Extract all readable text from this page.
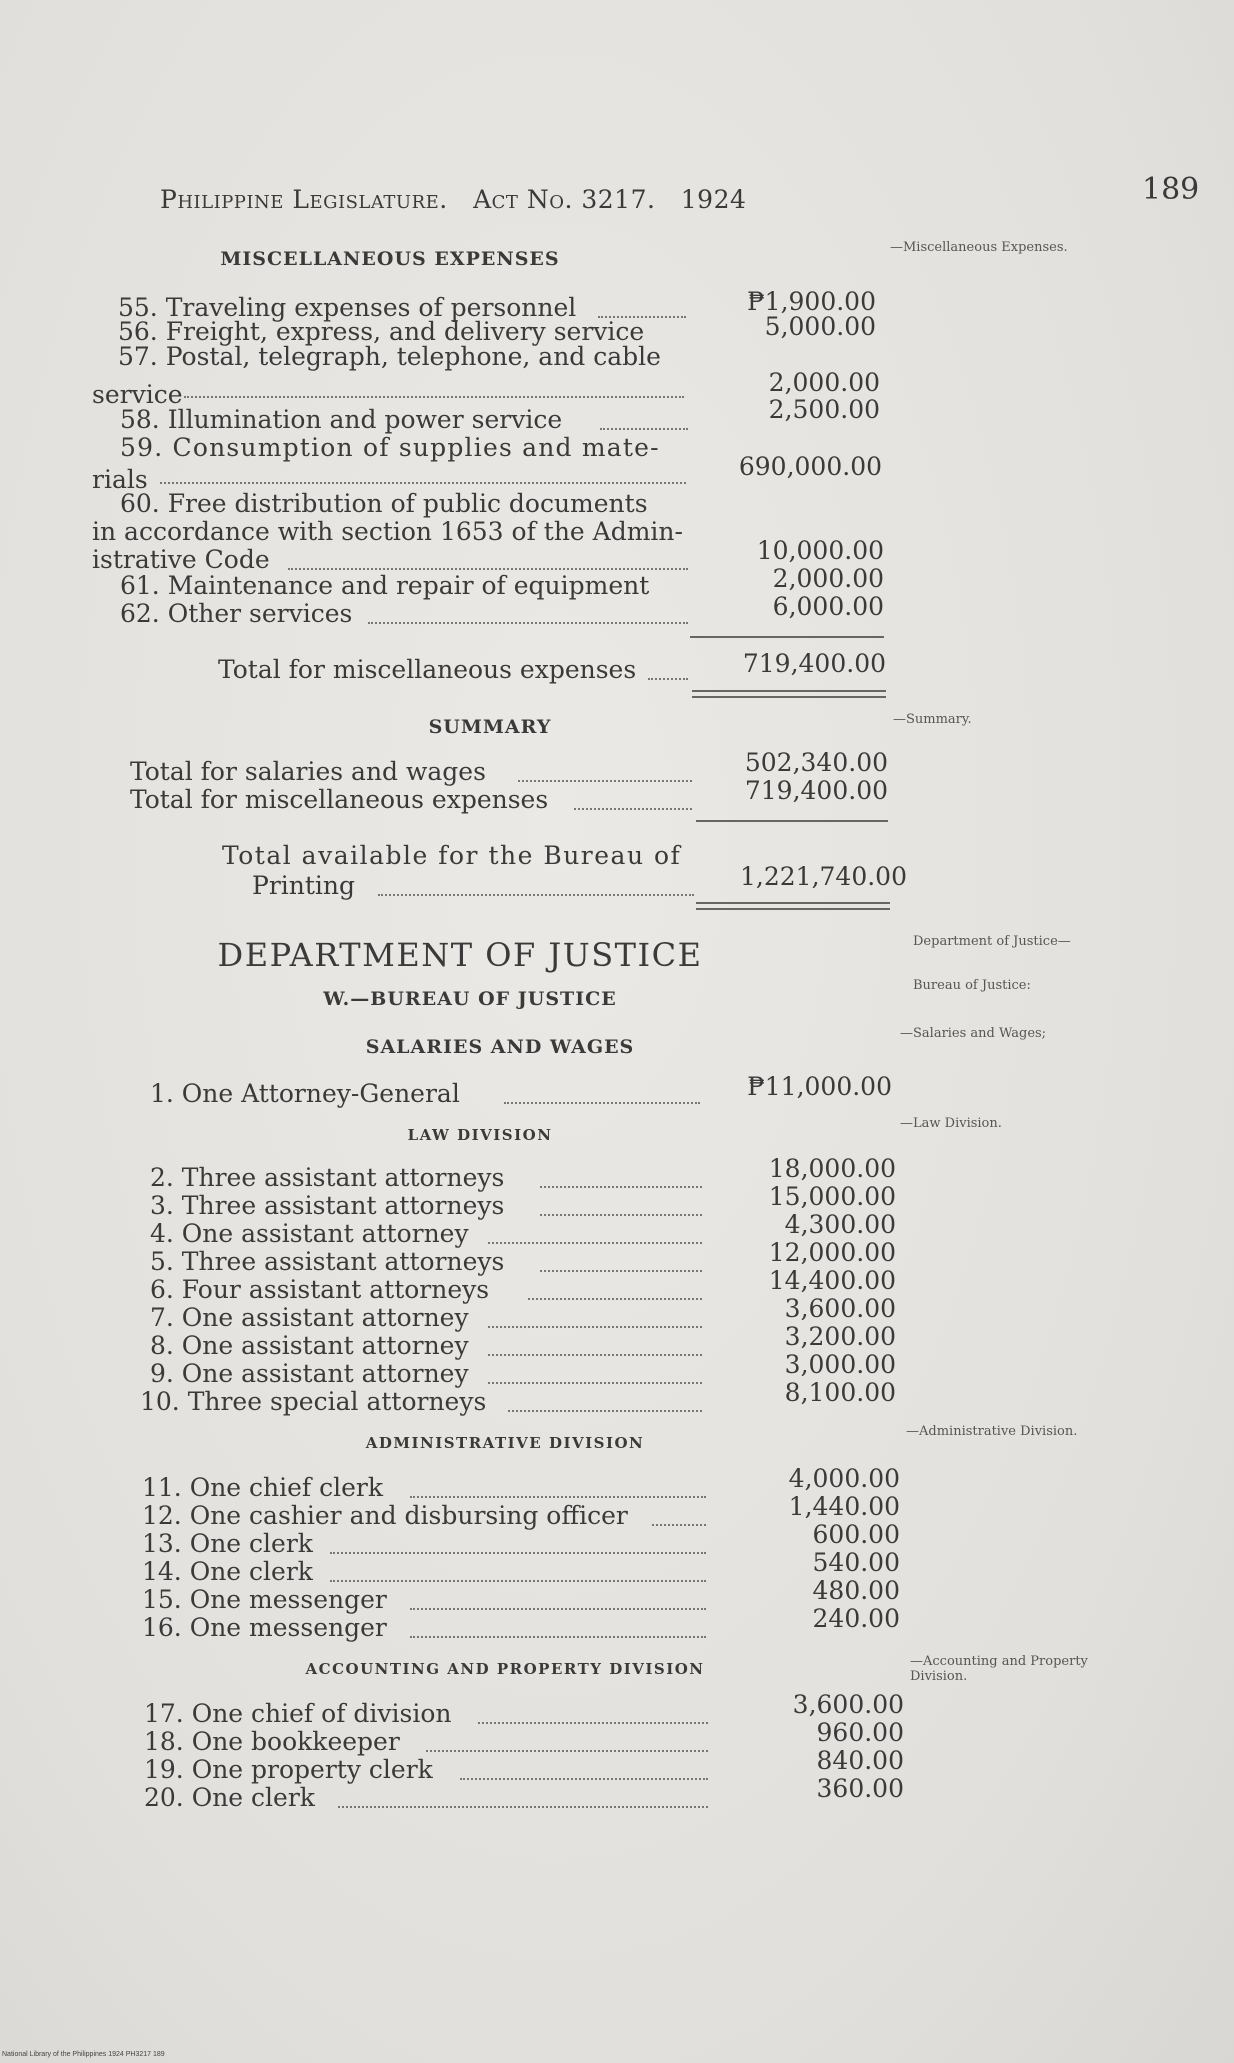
Philippine Legislature. Act No. 3217. 1924	189
MISCELLANEOUS EXPENSES
—Miscellaneous Expenses.
55. Traveling expenses of personnel	₱1,900.00
56. Freight, express, and delivery service	5,000.00
57. Postal, telegraph, telephone, and cable
service	2,000.00
58. Illumination and power service	2,500.00
59. Consumption of supplies and mate-
rials	690,000.00
60. Free distribution of public documents
in accordance with section 1653 of the Admin-
istrative Code	10,000.00
61. Maintenance and repair of equipment	2,000.00
62. Other services	6,000.00
Total for miscellaneous expenses	719,400.00
SUMMARY	—Summary.
Total for salaries and wages	502,340.00
Total for miscellaneous expenses	719,400.00
Total available for the Bureau of
Printing	1,221,740.00
DEPARTMENT OF JUSTICE	Department of Justice—
W.—BUREAU OF JUSTICE
Bureau of Justice:
SALARIES AND WAGES
—Salaries and Wages;
1. One Attorney-General	₱11,000.00
LAW DIVISION
—Law Division.
2. Three assistant attorneys	18,000.00
3. Three assistant attorneys	15,000.00
4. One assistant attorney	4,300.00
5. Three assistant attorneys	12,000.00
6. Four assistant attorneys	14,400.00
7. One assistant attorney	3,600.00
8. One assistant attorney	3,200.00
9. One assistant attorney	3,000.00
10. Three special attorneys	8,100.00
ADMINISTRATIVE DIVISION
—Administrative Division.
11. One chief clerk	4,000.00
12. One cashier and disbursing officer	1,440.00
13. One clerk	600.00
14. One clerk	540.00
15. One messenger	480.00
16. One messenger	240.00
ACCOUNTING AND PROPERTY DIVISION	—Accounting and Property Division.
17. One chief of division	3,600.00
18. One bookkeeper	960.00
19. One property clerk	840.00
20. One clerk	360.00
National Library of the Philippines 1924 PH3217 189
